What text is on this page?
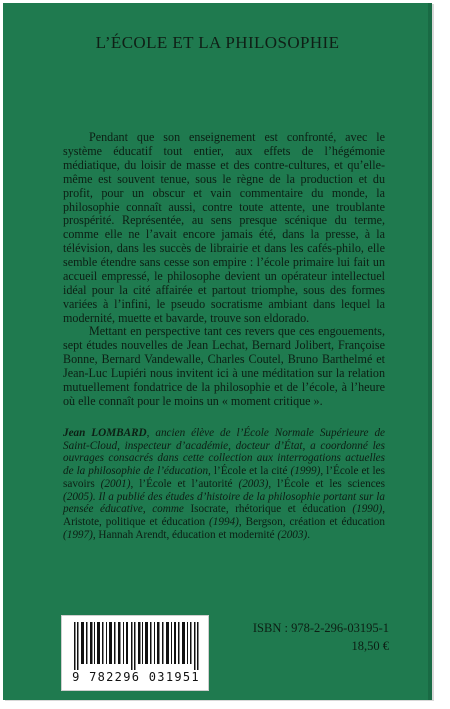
L’ÉCOLE ET LA PHILOSOPHIE
Pendant que son enseignement est confronté, avec le système éducatif tout entier, aux effets de l’hégémonie médiatique, du loisir de masse et des contre-cultures, et qu’elle-même est souvent tenue, sous le règne de la production et du profit, pour un obscur et vain commentaire du monde, la philosophie connaît aussi, contre toute attente, une troublante prospérité. Représentée, au sens presque scénique du terme, comme elle ne l’avait encore jamais été, dans la presse, à la télévision, dans les succès de librairie et dans les cafés-philo, elle semble étendre sans cesse son empire : l’école primaire lui fait un accueil empressé, le philosophe devient un opérateur intellectuel idéal pour la cité affairée et partout triomphe, sous des formes variées à l’infini, le pseudo socratisme ambiant dans lequel la modernité, muette et bavarde, trouve son eldorado.
Mettant en perspective tant ces revers que ces engouements, sept études nouvelles de Jean Lechat, Bernard Jolibert, Françoise Bonne, Bernard Vandewalle, Charles Coutel, Bruno Barthelmé et Jean-Luc Lupiéri nous invitent ici à une méditation sur la relation mutuellement fondatrice de la philosophie et de l’école, à l’heure où elle connaît pour le moins un « moment critique ».
Jean LOMBARD, ancien élève de l’École Normale Supérieure de Saint-Cloud, inspecteur d’académie, docteur d’État, a coordonné les ouvrages consacrés dans cette collection aux interrogations actuelles de la philosophie de l’éducation, l’École et la cité (1999), l’École et les savoirs (2001), l’École et l’autorité (2003), l’École et les sciences (2005). Il a publié des études d’histoire de la philosophie portant sur la pensée éducative, comme Isocrate, rhétorique et éducation (1990), Aristote, politique et éducation (1994), Bergson, création et éducation (1997), Hannah Arendt, éducation et modernité (2003).
9 782296 031951
ISBN : 978-2-296-03195-1
18,50 €
